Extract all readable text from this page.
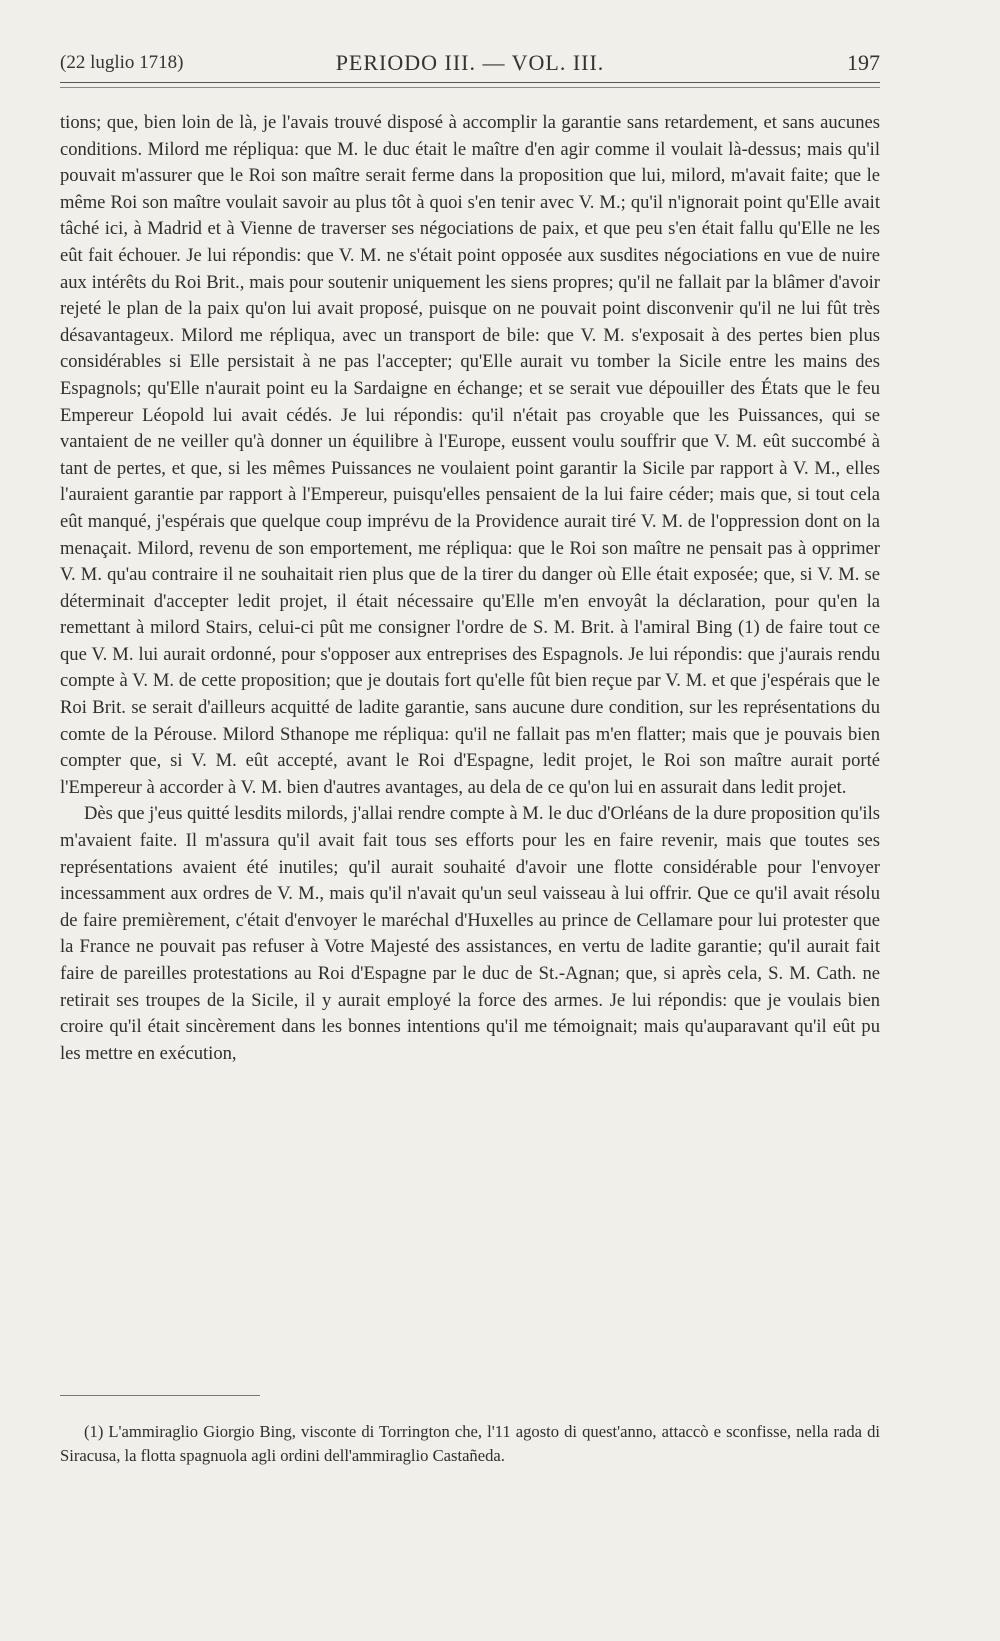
(22 luglio 1718)	PERIODO III. — VOL. III.	197

tions; que, bien loin de là, je l'avais trouvé disposé à accomplir la garantie sans retardement, et sans aucunes conditions. Milord me répliqua: que M. le duc était le maître d'en agir comme il voulait là-dessus; mais qu'il pouvait m'assurer que le Roi son maître serait ferme dans la proposition que lui, milord, m'avait faite; que le même Roi son maître voulait savoir au plus tôt à quoi s'en tenir avec V. M.; qu'il n'ignorait point qu'Elle avait tâché ici, à Madrid et à Vienne de traverser ses négociations de paix, et que peu s'en était fallu qu'Elle ne les eût fait échouer. Je lui répondis: que V. M. ne s'était point opposée aux susdites négociations en vue de nuire aux intérêts du Roi Brit., mais pour soutenir uniquement les siens propres; qu'il ne fallait par la blâmer d'avoir rejeté le plan de la paix qu'on lui avait proposé, puisque on ne pouvait point disconvenir qu'il ne lui fût très désavantageux. Milord me répliqua, avec un transport de bile: que V. M. s'exposait à des pertes bien plus considérables si Elle persistait à ne pas l'accepter; qu'Elle aurait vu tomber la Sicile entre les mains des Espagnols; qu'Elle n'aurait point eu la Sardaigne en échange; et se serait vue dépouiller des États que le feu Empereur Léopold lui avait cédés. Je lui répondis: qu'il n'était pas croyable que les Puissances, qui se vantaient de ne veiller qu'à donner un équilibre à l'Europe, eussent voulu souffrir que V. M. eût succombé à tant de pertes, et que, si les mêmes Puissances ne voulaient point garantir la Sicile par rapport à V. M., elles l'auraient garantie par rapport à l'Empereur, puisqu'elles pensaient de la lui faire céder; mais que, si tout cela eût manqué, j'espérais que quelque coup imprévu de la Providence aurait tiré V. M. de l'oppression dont on la menaçait. Milord, revenu de son emportement, me répliqua: que le Roi son maître ne pensait pas à opprimer V. M. qu'au contraire il ne souhaitait rien plus que de la tirer du danger où Elle était exposée; que, si V. M. se déterminait d'accepter ledit projet, il était nécessaire qu'Elle m'en envoyât la déclaration, pour qu'en la remettant à milord Stairs, celui-ci pût me consigner l'ordre de S. M. Brit. à l'amiral Bing (1) de faire tout ce que V. M. lui aurait ordonné, pour s'opposer aux entreprises des Espagnols. Je lui répondis: que j'aurais rendu compte à V. M. de cette proposition; que je doutais fort qu'elle fût bien reçue par V. M. et que j'espérais que le Roi Brit. se serait d'ailleurs acquitté de ladite garantie, sans aucune dure condition, sur les représentations du comte de la Pérouse. Milord Sthanope me répliqua: qu'il ne fallait pas m'en flatter; mais que je pouvais bien compter que, si V. M. eût accepté, avant le Roi d'Espagne, ledit projet, le Roi son maître aurait porté l'Empereur à accorder à V. M. bien d'autres avantages, au dela de ce qu'on lui en assurait dans ledit projet.

Dès que j'eus quitté lesdits milords, j'allai rendre compte à M. le duc d'Orléans de la dure proposition qu'ils m'avaient faite. Il m'assura qu'il avait fait tous ses efforts pour les en faire revenir, mais que toutes ses représentations avaient été inutiles; qu'il aurait souhaité d'avoir une flotte considérable pour l'envoyer incessamment aux ordres de V. M., mais qu'il n'avait qu'un seul vaisseau à lui offrir. Que ce qu'il avait résolu de faire premièrement, c'était d'envoyer le maréchal d'Huxelles au prince de Cellamare pour lui protester que la France ne pouvait pas refuser à Votre Majesté des assistances, en vertu de ladite garantie; qu'il aurait fait faire de pareilles protestations au Roi d'Espagne par le duc de St.-Agnan; que, si après cela, S. M. Cath. ne retirait ses troupes de la Sicile, il y aurait employé la force des armes. Je lui répondis: que je voulais bien croire qu'il était sincèrement dans les bonnes intentions qu'il me témoignait; mais qu'auparavant qu'il eût pu les mettre en exécution,

(1) L'ammiraglio Giorgio Bing, visconte di Torrington che, l'11 agosto di quest'anno, attaccò e sconfisse, nella rada di Siracusa, la flotta spagnuola agli ordini dell'ammiraglio Castañeda.
